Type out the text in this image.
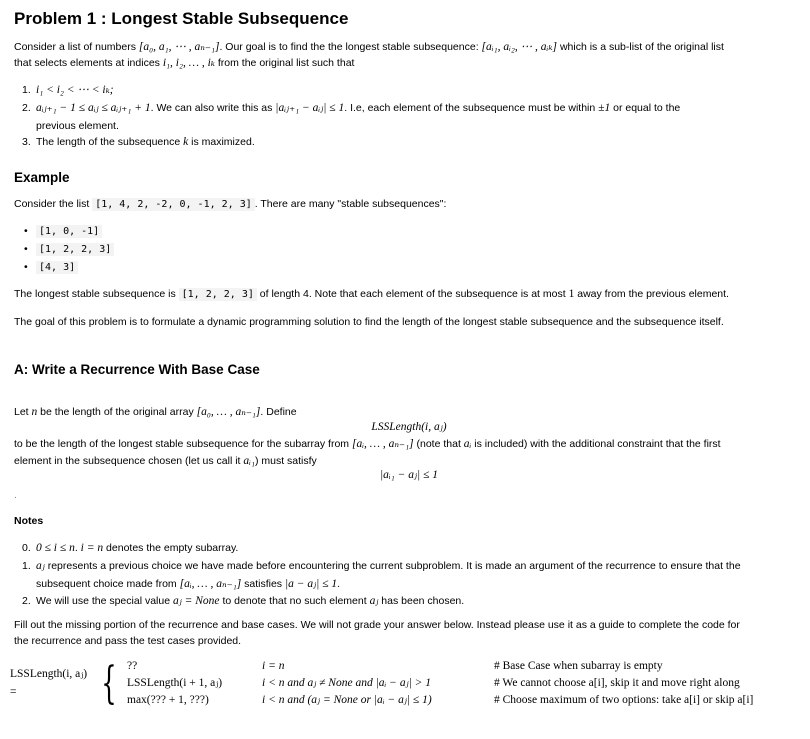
Problem 1 : Longest Stable Subsequence

Consider a list of numbers [a₀, a₁, ⋯ , aₙ₋₁]. Our goal is to find the the longest stable subsequence: [aᵢ₁, aᵢ₂, ⋯ , aᵢₖ] which is a sub-list of the original list

that selects elements at indices i₁, i₂, … , iₖ from the original list such that

1. i₁ < i₂ < ⋯ < iₖ;
2. aᵢⱼ₊₁ − 1 ≤ aᵢⱼ ≤ aᵢⱼ₊₁ + 1. We can also write this as |aᵢⱼ₊₁ − aᵢⱼ| ≤ 1. I.e, each element of the subsequence must be within ±1 or equal to the
previous element.
3. The length of the subsequence k is maximized.
Example

Consider the list [1, 4, 2, -2, 0, -1, 2, 3] . There are many "stable subsequences":

• [1, 0, -1]
• [1, 2, 2, 3]
• [4, 3]

The longest stable subsequence is [1, 2, 2, 3] of length 4. Note that each element of the subsequence is at most 1 away from the previous element.

The goal of this problem is to formulate a dynamic programming solution to find the length of the longest stable subsequence and the subsequence itself.

A: Write a Recurrence With Base Case

Let n be the length of the original array [a₀, … , aₙ₋₁]. Define

LSSLength(i, aⱼ)

to be the length of the longest stable subsequence for the subarray from [aᵢ, … , aₙ₋₁] (note that aᵢ is included) with the additional constraint that the first

element in the subsequence chosen (let us call it aᵢ₁) must satisfy

|aᵢ₁ − aⱼ| ≤ 1

.

Notes

0. 0 ≤ i ≤ n. i = n denotes the empty subarray.
1. aⱼ represents a previous choice we have made before encountering the current subproblem. It is made an argument of the recurrence to ensure that the
subsequent choice made from [aᵢ, … , aₙ₋₁] satisfies |a − aⱼ| ≤ 1.
2. We will use the special value aⱼ = None to denote that no such element aⱼ has been chosen.

Fill out the missing portion of the recurrence and base cases. We will not grade your answer below. Instead please use it as a guide to complete the code for

the recurrence and pass the test cases provided.

LSSLength(i, aⱼ) =	{ ??	i = n	# Base Case when subarray is empty
LSSLength(i + 1, aⱼ)	i < n and aⱼ ≠ None and |aᵢ − aⱼ| > 1	# We cannot choose a[i], skip it and move right along
max(??? + 1, ???)	i < n and (aⱼ = None or |aᵢ − aⱼ| ≤ 1)	# Choose maximum of two options: take a[i] or skip a[i]
